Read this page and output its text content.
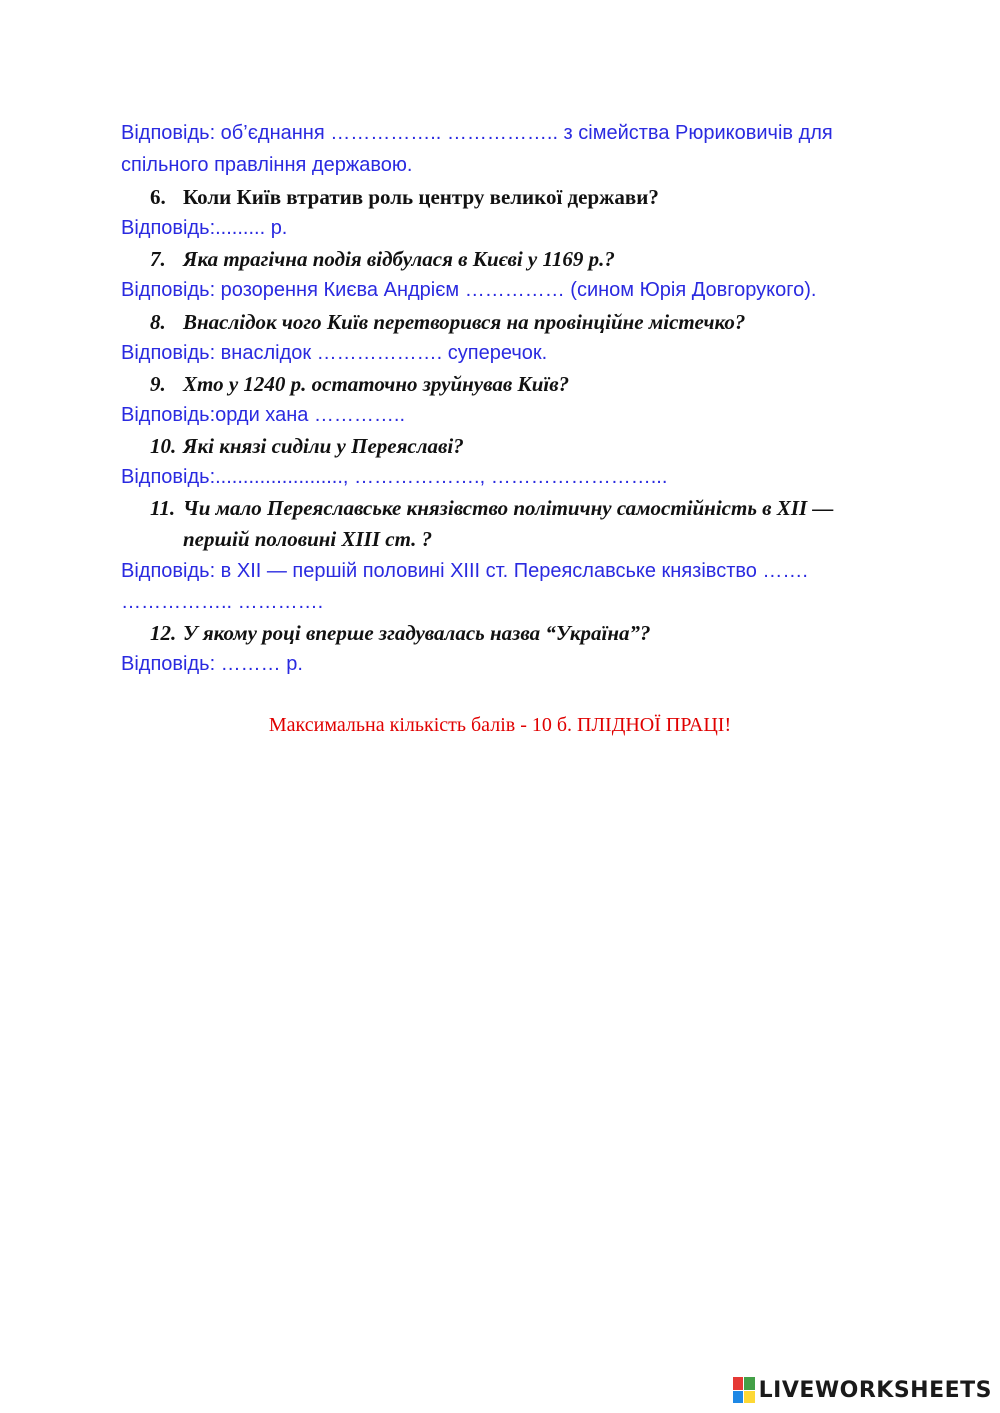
Відповідь: об’єднання …………….. …………….. з сімейства Рюриковичів для
спільного правління державою.
6. Коли Київ втратив роль центру великої держави?
Відповідь:......... р.
7. Яка трагічна подія відбулася в Києві у 1169 р.?
Відповідь: розорення Києва Андрієм …………… (сином Юрія Довгорукого).
8. Внаслідок чого Київ перетворився на провінційне містечко?
Відповідь: внаслідок ………………. суперечок.
9. Хто у 1240 р. остаточно зруйнував Київ?
Відповідь:орди хана …………..
10. Які князі сиділи у Переяславі?
Відповідь:......................., ………………., ……………………...
11. Чи мало Переяславське князівство політичну самостійність в XII —
першій половині XIII ст. ?
Відповідь: в XII — першій половині XIII ст. Переяславське князівство …….
…………….. ………….
12. У якому році вперше згадувалась назва “Україна”?
Відповідь: ……… р.
Максимальна кількість балів - 10 б. ПЛІДНОЇ ПРАЦІ!
LIVEWORKSHEETS
